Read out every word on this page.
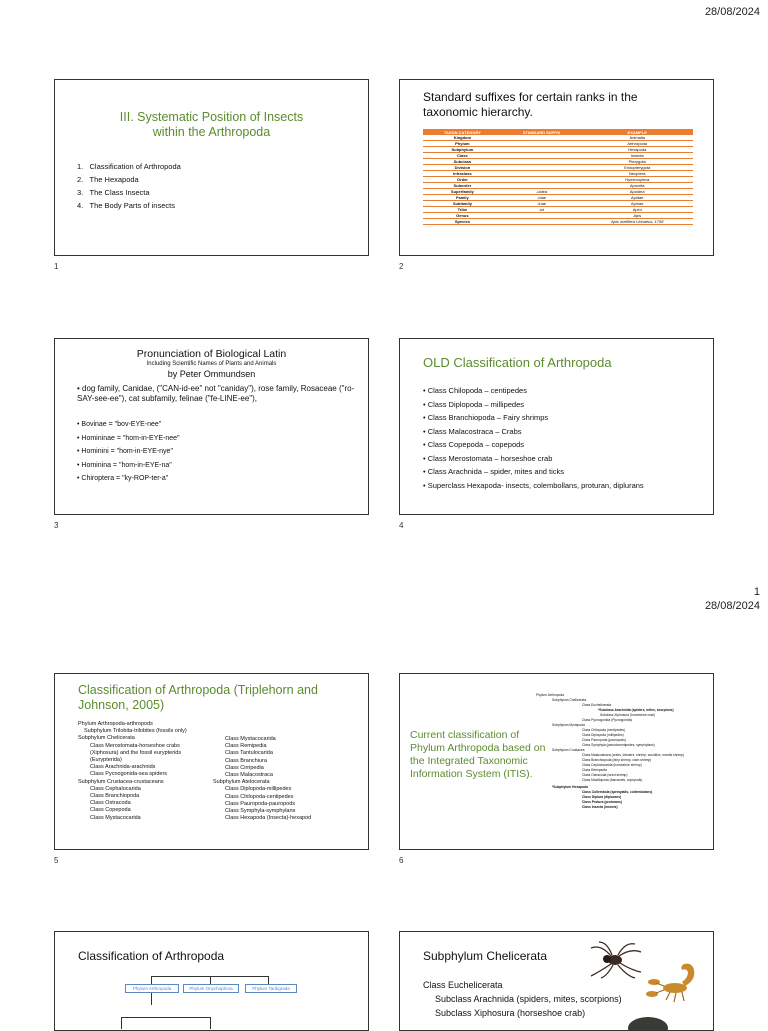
28/08/2024
1
28/08/2024
III. Systematic Position of Insects within the Arthropoda
1.   Classification of Arthropoda
2.   The Hexapoda
3.   The Class Insecta
4.   The Body Parts of insects
1
Standard suffixes for certain ranks in the taxonomic hierarchy.
TAXON CATEGORY	STANDARD SUFFIX	EXAMPLE
Kingdom		Animalia
Phylum		Arthropoda
Subphylum		Hexapoda
Class		Insecta
Subclass		Pterygota
Division		Endopterygota
Infraclass		Neoptera
Order		Hymenoptera
Suborder		Apocrita
Superfamily	-oidea	Apoidea
Family	-idae	Apidae
Subfamily	-inae	Apinae
Tribe	-ini	Apini
Genus		Apis
Species		Apis mellifera Linnaeus, 1758
2
Pronunciation of Biological Latin
Including Scientific Names of Plants and Animals
by Peter Ommundsen
• dog family, Canidae, ("CAN-id-ee" not "caniday"), rose family, Rosaceae ("ro-SAY-see-ee"), cat subfamily, felinae ("fe-LINE-ee"),
• Bovinae = "bov-EYE-nee"
• Homininae = "hom-in-EYE-nee"
• Hominini = "hom-in-EYE-nye"
• Hominina = "hom-in-EYE-na"
• Chiroptera = "ky-ROP-ter-a"
3
OLD Classification of Arthropoda
• Class Chilopoda – centipedes
• Class Diplopoda – millipedes
• Class Branchiopoda – Fairy shrimps
• Class Malacostraca – Crabs
• Class Copepoda – copepods
• Class Merostomata – horseshoe crab
• Class Arachnida – spider, mites and ticks
• Superclass Hexapoda- insects, colembollans, proturan, diplurans
4
Classification of Arthropoda (Triplehorn and Johnson, 2005)
Phylum Arthropoda-arthropods
Subphylum Trilobita-trilobites (fossils only)
Subphylum Chelicerata
Class Merostomata-horseshoe crabs
(Xiphosura) and the fossil eurypterids
(Eurypterida)
Class Arachnida-arachnids
Class Pycnogonida-sea spiders
Subphylum Crustacea-crustaceans
Class Cephalocarida
Class Branchiopoda
Class Ostracoda
Class Copepoda
Class Mystacocarida
Class Mystacocarida
Class Remipedia
Class Tantulocarida
Class Branchiura
Class Cirripedia
Class Malacostraca
Subphylum Atelocerata
Class Diplopoda-millipedes
Class Chilopoda-centipedes
Class Pauropoda-pauropods
Class Symphyla-symphylans
Class Hexapoda (Insecta)-hexapod
5
Current classification of Phylum Arthropoda based on the Integrated Taxonomic Information System (ITIS).
Phylum Arthropoda
Subphylum Chelicerata
Class Euchelicerata
*Subclass Arachnida (spiders, mites, scorpions)
Subclass Xiphosura (horseshoe crab)
Class Pycnogonida (Pycnogonids)
Subphylum Myriapoda
Class Chilopoda (centipedes)
Class Diplopoda (millipedes)
Class Pauropoda (pauropods)
Class Symphyla (pseudocentipedes, symphylans)
Subphylum Crustacea
Class Malacostraca (crabs, lobsters, shrimp, woodlice, mantis shrimp)
Class Branchiopoda (fairy shrimp, clam shrimp)
Class Cephalocarida (horseshoe shrimp)
Class Remipedia
Class Ostracoda (seed shrimp)
Class Maxillopoda (barnacles, copepods)
*Subphylum Hexapoda
Class Collembola (springtails, collembolans)
Class Diplura (diplurans)
Class Protura (proturans)
Class Insecta (insects)
6
Classification of Arthropoda
Phylum Arthropoda	Phylum Onychophora	Phylum Tardigrada
Subphylum Chelicerata
Class Euchelicerata
Subclass Arachnida (spiders, mites, scorpions)
Subclass Xiphosura (horseshoe crab)
